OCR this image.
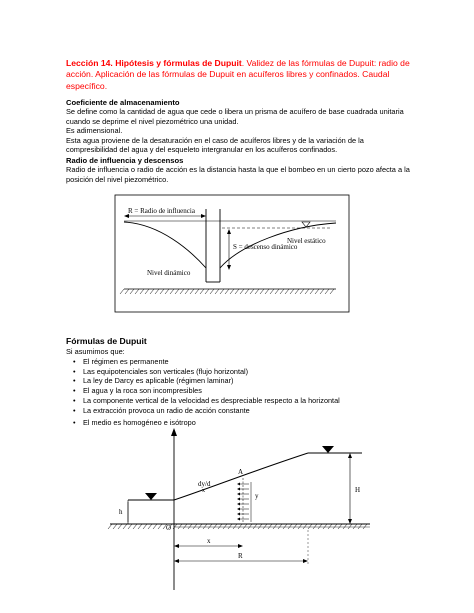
Lección 14. Hipótesis y fórmulas de Dupuit. Validez de las fórmulas de Dupuit: radio de acción. Aplicación de las fórmulas de Dupuit en acuíferos libres y confinados. Caudal específico.
Coeficiente de almacenamiento
Se define como la cantidad de agua que cede o libera un prisma de acuífero de base cuadrada unitaria cuando se deprime el nivel piezométrico una unidad.
Es adimensional.
Esta agua proviene de la desaturación en el caso de acuíferos libres y de la variación de la compresibilidad del agua y del esqueleto intergranular en los acuíferos confinados.
Radio de influencia y descensos
Radio de influencia o radio de acción es la distancia hasta la que el bombeo en un cierto pozo afecta a la posición del nivel piezométrico.
R = Radio de influencia
Nivel estático
S = descenso dinámico
Nivel dinámico
Fórmulas de Dupuit
Si asumimos que:
• El régimen es permanente
• Las equipotenciales son verticales (flujo horizontal)
• La ley de Darcy es aplicable (régimen laminar)
• El agua y la roca son incompresibles
• La componente vertical de la velocidad es despreciable respecto a la horizontal
• La extracción provoca un radio de acción constante
• El medio es homogéneo e isótropo
dy/d
x
A
y
H
h
O
x
R
